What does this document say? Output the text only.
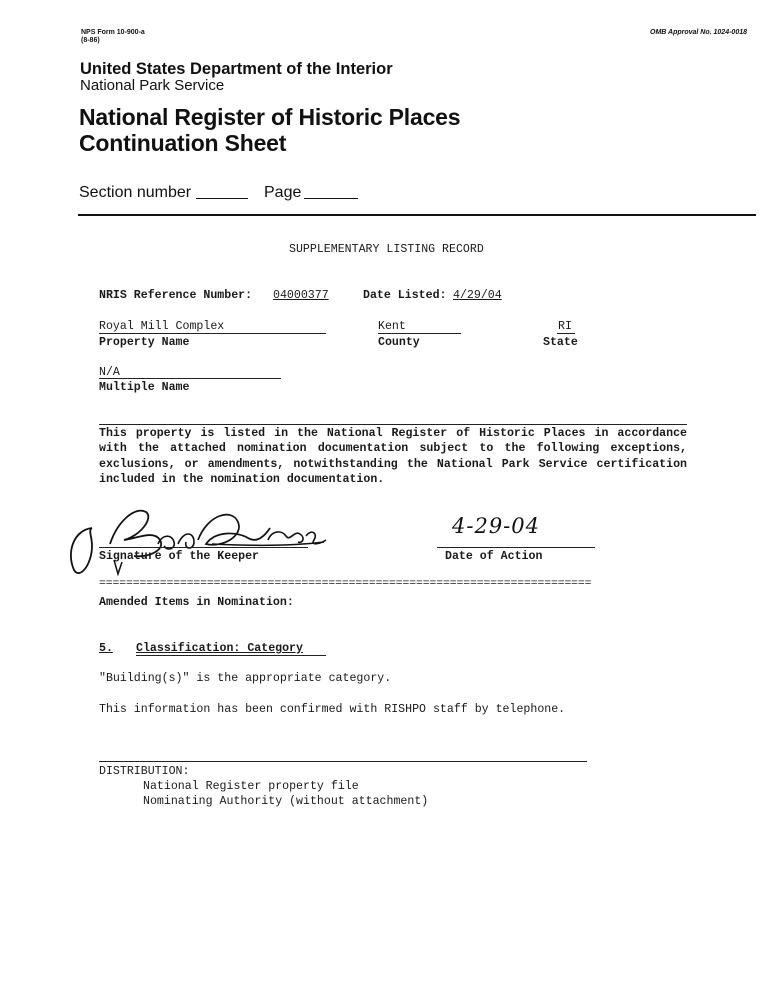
NPS Form 10-900-a
(8-86)
OMB Approval No. 1024-0018
United States Department of the Interior
National Park Service
National Register of Historic Places
Continuation Sheet
Section number	Page
SUPPLEMENTARY LISTING RECORD
NRIS Reference Number: 04000377	Date Listed: 4/29/04
Royal Mill Complex	Kent	RI
Property Name	County	State
N/A
Multiple Name
This property is listed in the National Register of Historic Places in accordance with the attached nomination documentation subject to the following exceptions, exclusions, or amendments, notwithstanding the National Park Service certification included in the nomination documentation.
Signature of the Keeper
4-29-04
Date of Action
=========================================================================
Amended Items in Nomination:
5. Classification: Category
"Building(s)" is the appropriate category.
This information has been confirmed with RISHPO staff by telephone.
DISTRIBUTION:
National Register property file
Nominating Authority (without attachment)
